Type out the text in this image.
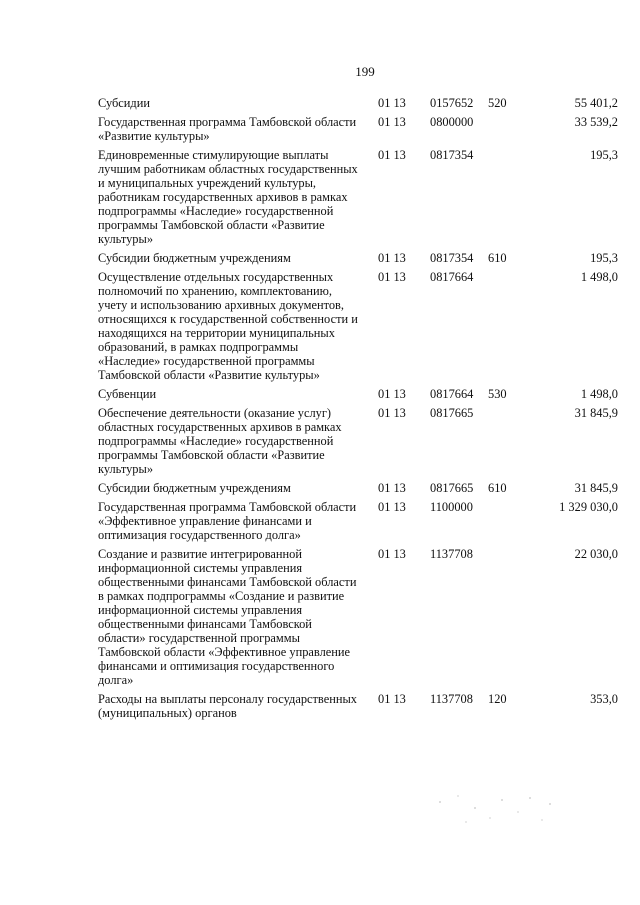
199
Субсидии	01 13	0157652	520	55 401,2
Государственная программа Тамбовской области «Развитие культуры»	01 13	0800000		33 539,2
Единовременные стимулирующие выплаты лучшим работникам областных государственных и муниципальных учреждений культуры, работникам государственных архивов в рамках подпрограммы «Наследие» государственной программы Тамбовской области «Развитие культуры»	01 13	0817354		195,3
Субсидии бюджетным учреждениям	01 13	0817354	610	195,3
Осуществление отдельных государственных полномочий по хранению, комплектованию, учету и использованию архивных документов, относящихся к государственной собственности и находящихся на территории муниципальных образований, в рамках подпрограммы «Наследие» государственной программы Тамбовской области «Развитие культуры»	01 13	0817664		1 498,0
Субвенции	01 13	0817664	530	1 498,0
Обеспечение деятельности (оказание услуг) областных государственных архивов в рамках подпрограммы «Наследие» государственной программы Тамбовской области «Развитие культуры»	01 13	0817665		31 845,9
Субсидии бюджетным учреждениям	01 13	0817665	610	31 845,9
Государственная программа Тамбовской области «Эффективное управление финансами и оптимизация государственного долга»	01 13	1100000		1 329 030,0
Создание и развитие интегрированной информационной системы управления общественными финансами Тамбовской области в рамках подпрограммы «Создание и развитие информационной системы управления общественными финансами Тамбовской области» государственной программы Тамбовской области «Эффективное управление финансами и оптимизация государственного долга»	01 13	1137708		22 030,0
Расходы на выплаты персоналу государственных (муниципальных) органов	01 13	1137708	120	353,0
